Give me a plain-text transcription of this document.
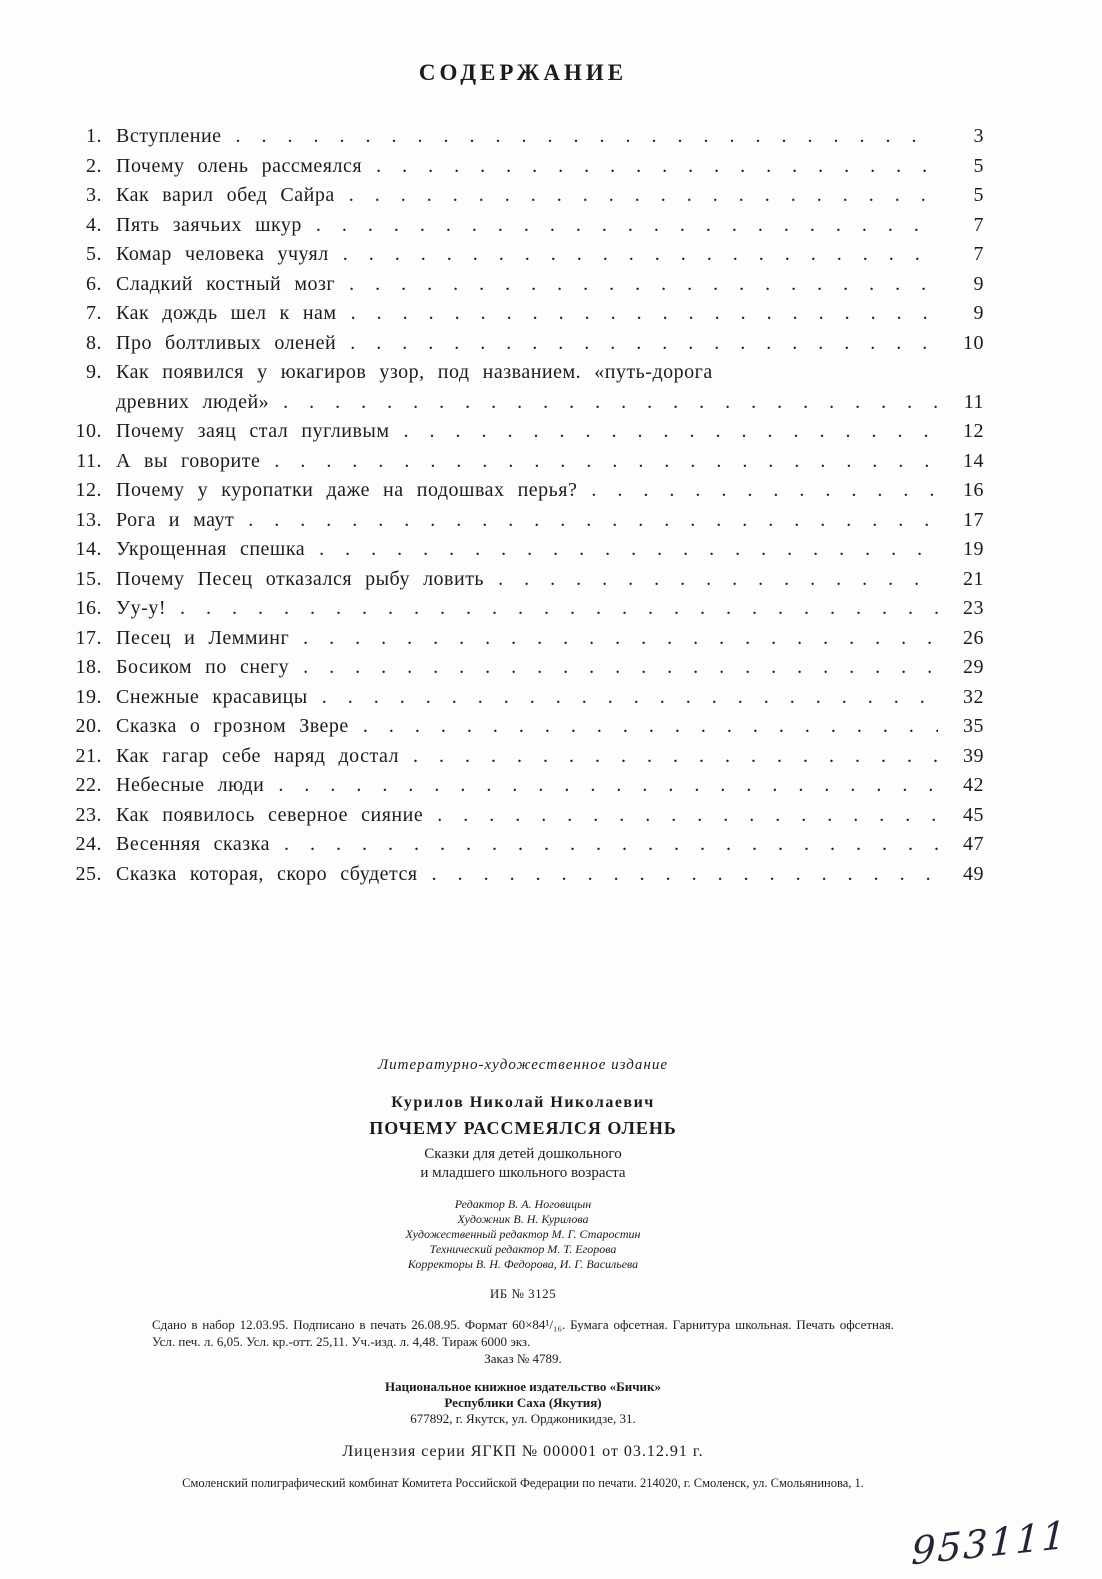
СОДЕРЖАНИЕ
1. Вступление . . .	3
2. Почему олень рассмеялся . . .	5
3. Как варил обед Сайра . . .	5
4. Пять заячьих шкур . . .	7
5. Комар человека учуял . . .	7
6. Сладкий костный мозг . . .	9
7. Как дождь шел к нам . . .	9
8. Про болтливых оленей . . .	10
9. Как появился у юкагиров узор, под названием. «путь-дорога
древних людей» . . .	11
10. Почему заяц стал пугливым . . .	12
11. А вы говорите . . .	14
12. Почему у куропатки даже на подошвах перья? . . .	16
13. Рога и маут . . .	17
14. Укрощенная спешка . . .	19
15. Почему Песец отказался рыбу ловить . . .	21
16. Уу-у! . . .	23
17. Песец и Лемминг . . .	26
18. Босиком по снегу . . .	29
19. Снежные красавицы . . .	32
20. Сказка о грозном Звере . . .	35
21. Как гагар себе наряд достал . . .	39
22. Небесные люди . . .	42
23. Как появилось северное сияние . . .	45
24. Весенняя сказка . . .	47
25. Сказка которая, скоро сбудется . . .	49
Литературно-художественное издание
Курилов Николай Николаевич
ПОЧЕМУ РАССМЕЯЛСЯ ОЛЕНЬ
Сказки для детей дошкольного
и младшего школьного возраста
Редактор В. А. Ноговицын
Художник В. Н. Курилова
Художественный редактор М. Г. Старостин
Технический редактор М. Т. Егорова
Корректоры В. Н. Федорова, И. Г. Васильева
ИБ № 3125
Сдано в набор 12.03.95. Подписано в печать 26.08.95. Формат 60×84¹/₁₆. Бумага офсетная. Гарнитура школьная. Печать офсетная. Усл. печ. л. 6,05. Усл. кр.-отт. 25,11. Уч.-изд. л. 4,48. Тираж 6000 экз.
Заказ № 4789.
Национальное книжное издательство «Бичик»
Республики Саха (Якутия)
677892, г. Якутск, ул. Орджоникидзе, 31.
Лицензия серии ЯГКП № 000001 от 03.12.91 г.
Смоленский полиграфический комбинат Комитета Российской Федерации по печати. 214020, г. Смоленск, ул. Смольянинова, 1.
953111
